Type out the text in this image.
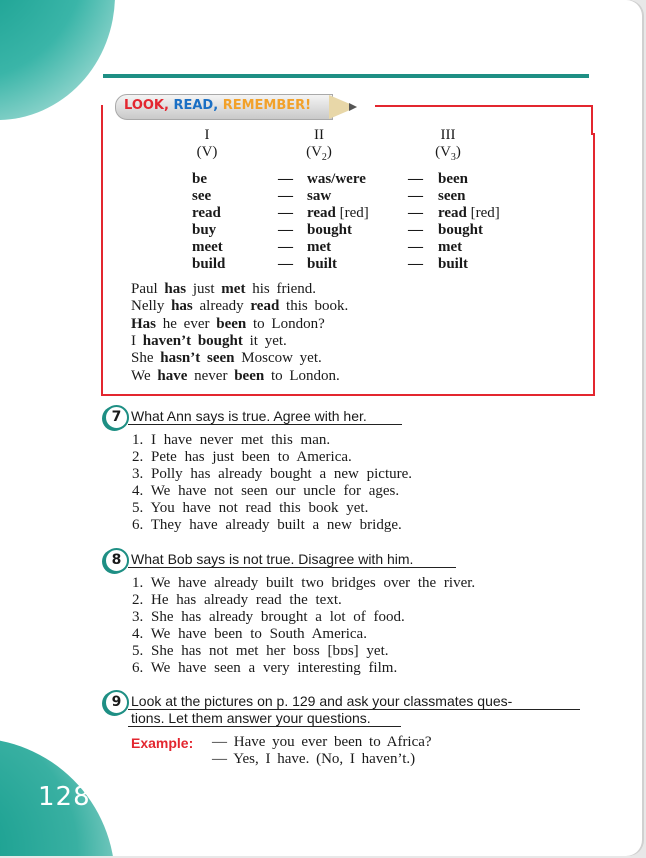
128
LOOK, READ, REMEMBER!
I
(V)
II
$(V_2)$
III
$(V_3)$
be	— was/were	— been
see	— saw	— seen
read	— read [red]	— read [red]
buy	— bought	— bought
meet	— met	— met
build	— built	— built
Paul has just met his friend.
Nelly has already read this book.
Has he ever been to London?
I haven’t bought it yet.
She hasn’t seen Moscow yet.
We have never been to London.
7 What Ann says is true. Agree with her.
1. I have never met this man.
2. Pete has just been to America.
3. Polly has already bought a new picture.
4. We have not seen our uncle for ages.
5. You have not read this book yet.
6. They have already built a new bridge.
8 What Bob says is not true. Disagree with him.
1. We have already built two bridges over the river.
2. He has already read the text.
3. She has already brought a lot of food.
4. We have been to South America.
5. She has not met her boss [bɒs] yet.
6. We have seen a very interesting film.
9 Look at the pictures on p. 129 and ask your classmates ques-
tions. Let them answer your questions.
Example: — Have you ever been to Africa?
— Yes, I have. (No, I haven’t.)
